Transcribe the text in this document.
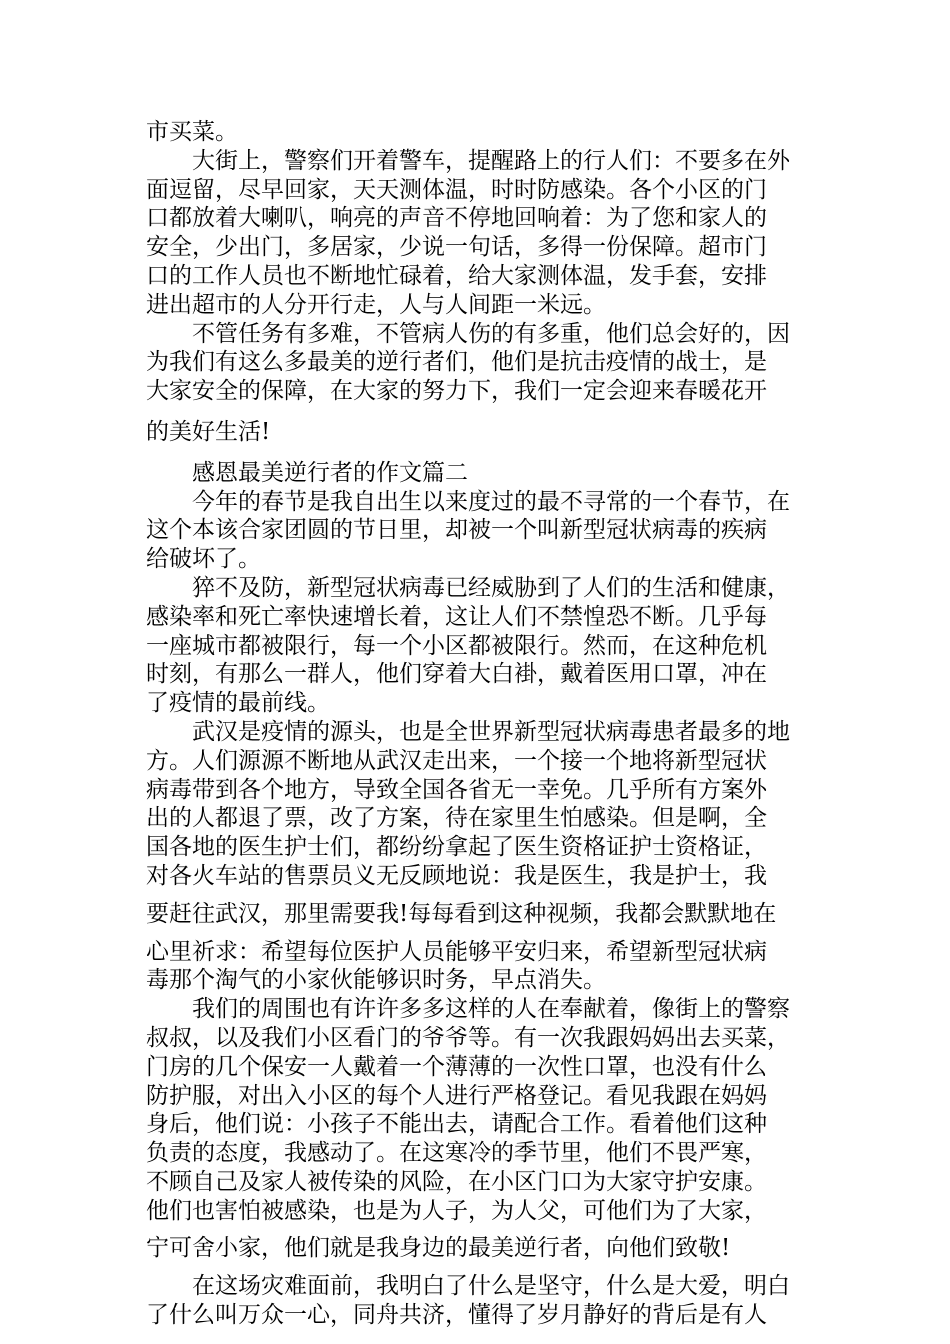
市买菜。
　　大街上，警察们开着警车，提醒路上的行人们：不要多在外
面逗留，尽早回家，天天测体温，时时防感染。各个小区的门
口都放着大喇叭，响亮的声音不停地回响着：为了您和家人的
安全，少出门，多居家，少说一句话，多得一份保障。超市门
口的工作人员也不断地忙碌着，给大家测体温，发手套，安排
进出超市的人分开行走，人与人间距一米远。
　　不管任务有多难，不管病人伤的有多重，他们总会好的，因
为我们有这么多最美的逆行者们，他们是抗击疫情的战士，是
大家安全的保障，在大家的努力下，我们一定会迎来春暖花开
的美好生活!
　　感恩最美逆行者的作文篇二
　　今年的春节是我自出生以来度过的最不寻常的一个春节，在
这个本该合家团圆的节日里，却被一个叫新型冠状病毒的疾病
给破坏了。
　　猝不及防，新型冠状病毒已经威胁到了人们的生活和健康，
感染率和死亡率快速增长着，这让人们不禁惶恐不断。几乎每
一座城市都被限行，每一个小区都被限行。然而，在这种危机
时刻，有那么一群人，他们穿着大白褂，戴着医用口罩，冲在
了疫情的最前线。
　　武汉是疫情的源头，也是全世界新型冠状病毒患者最多的地
方。人们源源不断地从武汉走出来，一个接一个地将新型冠状
病毒带到各个地方，导致全国各省无一幸免。几乎所有方案外
出的人都退了票，改了方案，待在家里生怕感染。但是啊，全
国各地的医生护士们，都纷纷拿起了医生资格证护士资格证，
对各火车站的售票员义无反顾地说：我是医生，我是护士，我
要赶往武汉，那里需要我!每每看到这种视频，我都会默默地在
心里祈求：希望每位医护人员能够平安归来，希望新型冠状病
毒那个淘气的小家伙能够识时务，早点消失。
　　我们的周围也有许许多多这样的人在奉献着，像街上的警察
叔叔，以及我们小区看门的爷爷等。有一次我跟妈妈出去买菜，
门房的几个保安一人戴着一个薄薄的一次性口罩，也没有什么
防护服，对出入小区的每个人进行严格登记。看见我跟在妈妈
身后，他们说：小孩子不能出去，请配合工作。看着他们这种
负责的态度，我感动了。在这寒冷的季节里，他们不畏严寒，
不顾自己及家人被传染的风险，在小区门口为大家守护安康。
他们也害怕被感染，也是为人子，为人父，可他们为了大家，
宁可舍小家，他们就是我身边的最美逆行者，向他们致敬!
　　在这场灾难面前，我明白了什么是坚守，什么是大爱，明白
了什么叫万众一心，同舟共济，懂得了岁月静好的背后是有人
